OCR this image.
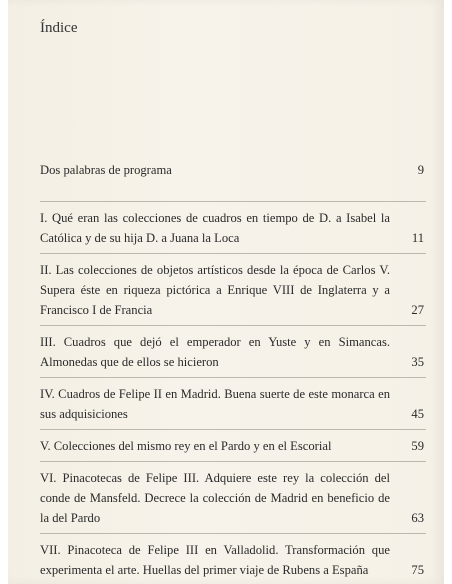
Índice
Dos palabras de programa	9
I. Qué eran las colecciones de cuadros en tiempo de D. a Isabel la Católica y de su hija D. a Juana la Loca	11
II. Las colecciones de objetos artísticos desde la época de Carlos V. Supera éste en riqueza pictórica a Enrique VIII de Inglaterra y a Francisco I de Francia	27
III. Cuadros que dejó el emperador en Yuste y en Simancas. Almonedas que de ellos se hicieron	35
IV. Cuadros de Felipe II en Madrid. Buena suerte de este monarca en sus adquisiciones	45
V. Colecciones del mismo rey en el Pardo y en el Escorial	59
VI. Pinacotecas de Felipe III. Adquiere este rey la colección del conde de Mansfeld. Decrece la colección de Madrid en beneficio de la del Pardo	63
VII. Pinacoteca de Felipe III en Valladolid. Transformación que experimenta el arte. Huellas del primer viaje de Rubens a España	75
